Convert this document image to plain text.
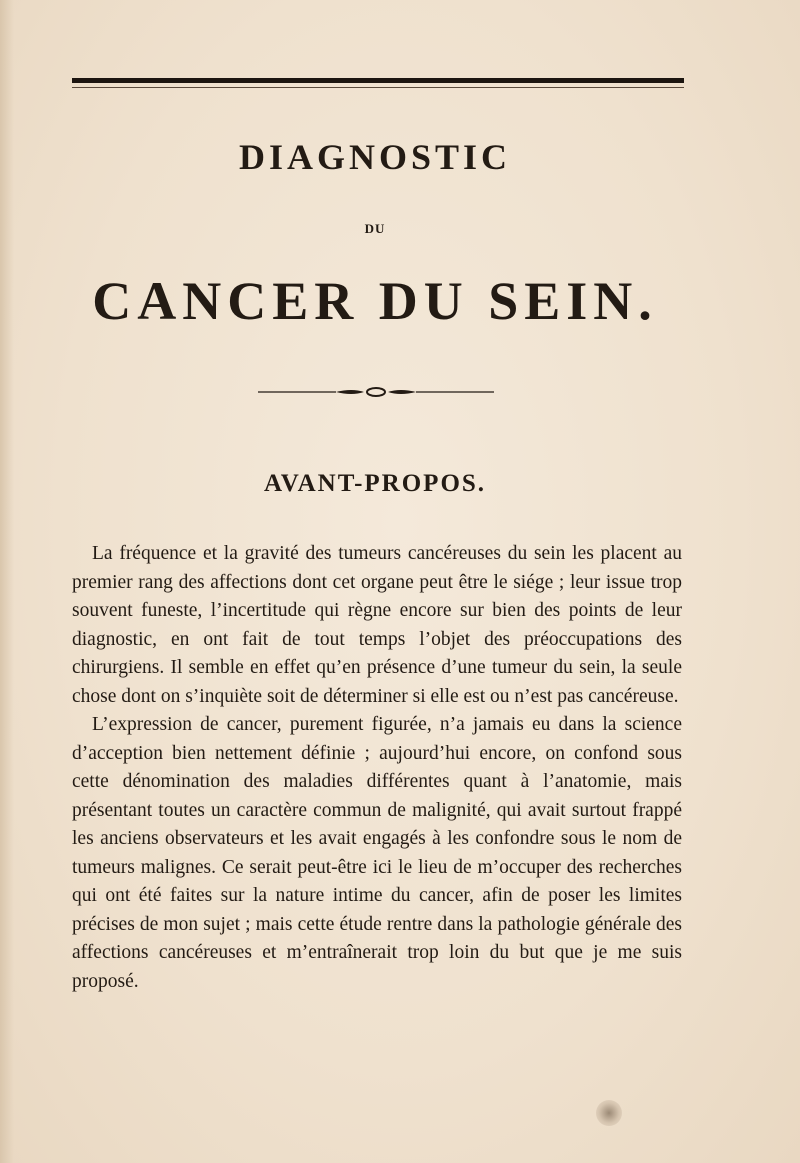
DIAGNOSTIC
DU
CANCER DU SEIN.
AVANT-PROPOS.

La fréquence et la gravité des tumeurs cancéreuses du sein les placent au premier rang des affections dont cet organe peut être le siége ; leur issue trop souvent funeste, l’incertitude qui règne encore sur bien des points de leur diagnostic, en ont fait de tout temps l’objet des préoccupations des chirurgiens. Il semble en effet qu’en présence d’une tumeur du sein, la seule chose dont on s’inquiète soit de déterminer si elle est ou n’est pas cancéreuse.

L’expression de cancer, purement figurée, n’a jamais eu dans la science d’acception bien nettement définie ; aujourd’hui encore, on confond sous cette dénomination des maladies différentes quant à l’anatomie, mais présentant toutes un caractère commun de malignité, qui avait surtout frappé les anciens observateurs et les avait engagés à les confondre sous le nom de tumeurs malignes. Ce serait peut-être ici le lieu de m’occuper des recherches qui ont été faites sur la nature intime du cancer, afin de poser les limites précises de mon sujet ; mais cette étude rentre dans la pathologie générale des affections cancéreuses et m’entraînerait trop loin du but que je me suis proposé.
